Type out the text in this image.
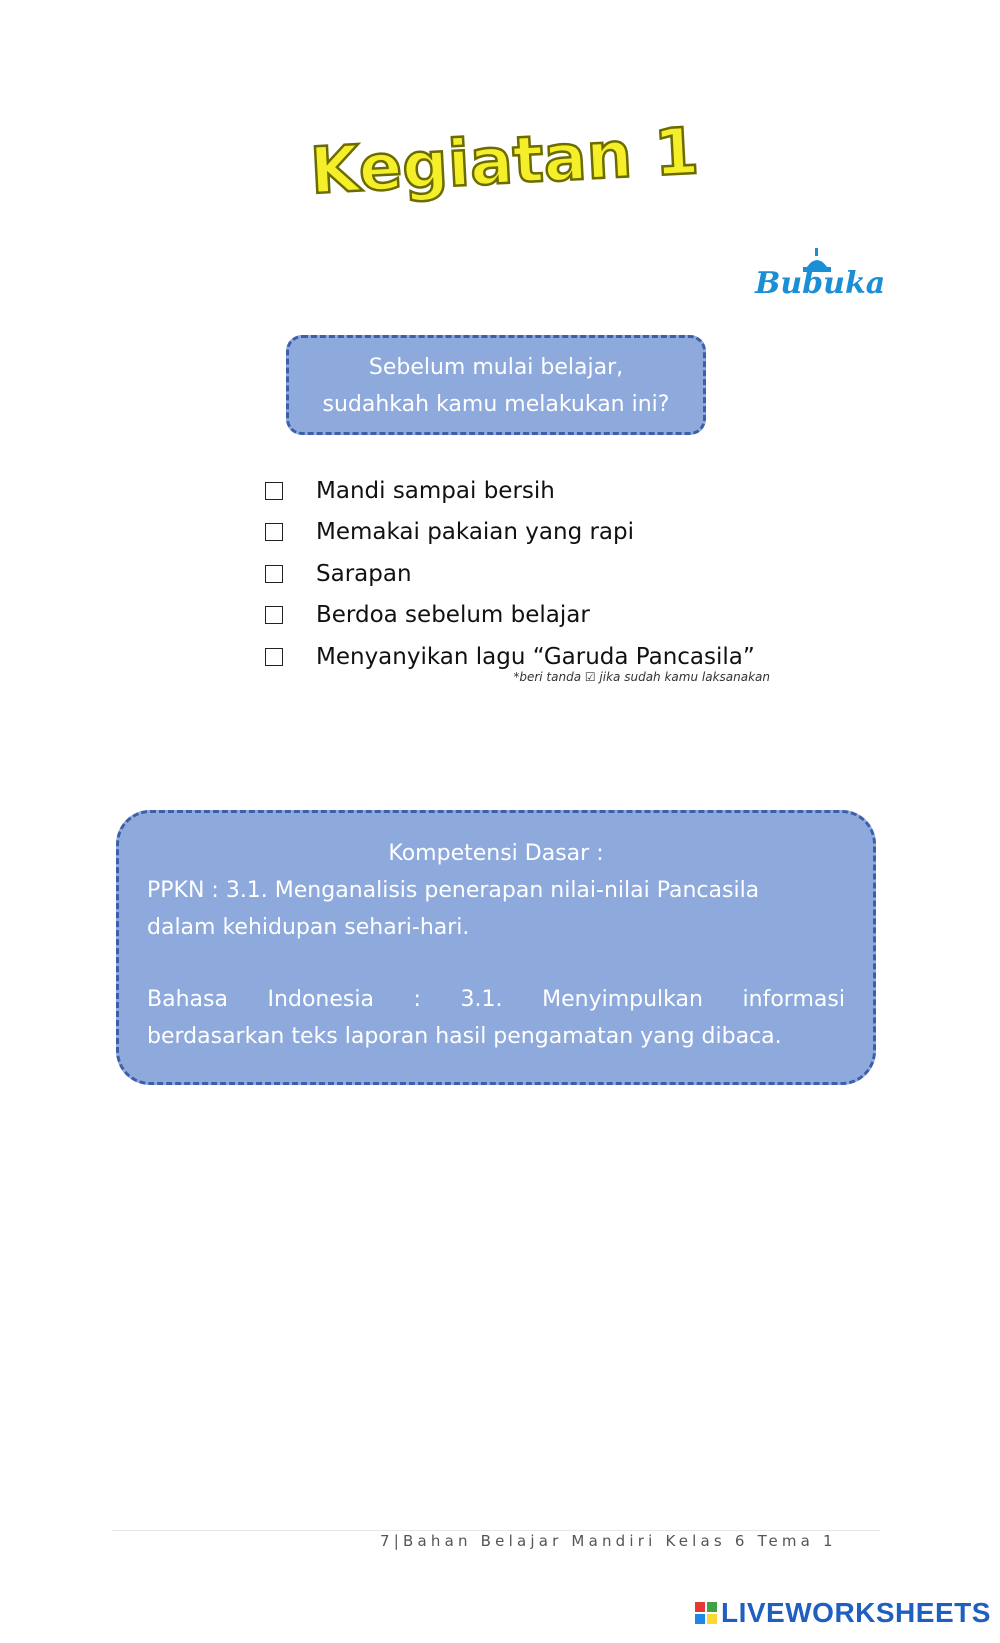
Kegiatan 1
Bubuka
Sebelum mulai belajar,
sudahkah kamu melakukan ini?
Mandi sampai bersih
Memakai pakaian yang rapi
Sarapan
Berdoa sebelum belajar
Menyanyikan lagu “Garuda Pancasila”
*beri tanda ☑ jika sudah kamu laksanakan
Kompetensi Dasar :
PPKN : 3.1. Menganalisis penerapan nilai-nilai Pancasila
dalam kehidupan sehari-hari.
Bahasa Indonesia : 3.1. Menyimpulkan informasi
berdasarkan teks laporan hasil pengamatan yang dibaca.
7|Bahan Belajar Mandiri Kelas 6 Tema 1
LIVEWORKSHEETS
